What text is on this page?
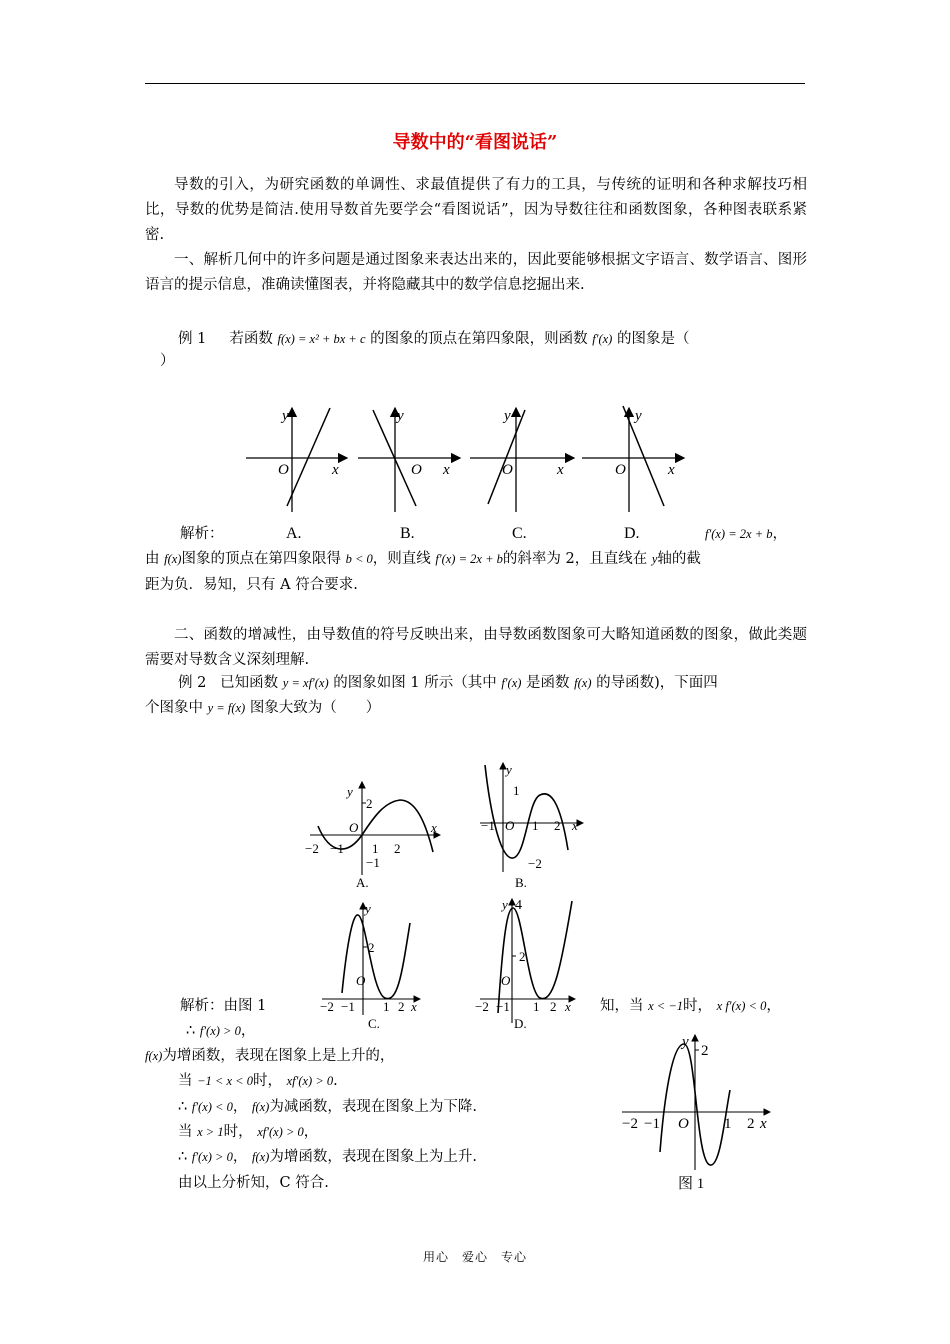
导数中的“看图说话”
导数的引入，为研究函数的单调性、求最值提供了有力的工具，与传统的证明和各种求解技巧相比，导数的优势是简洁.使用导数首先要学会“看图说话”，因为导数往往和函数图象，各种图表联系紧密.
一、解析几何中的许多问题是通过图象来表达出来的，因此要能够根据文字语言、数学语言、图形语言的提示信息，准确读懂图表，并将隐藏其中的数学信息挖掘出来.
例 1 若函数 f(x) = x² + bx + c 的图象的顶点在第四象限，则函数 f′(x) 的图象是（
）
y
O	x
A.
y
O x
B.
y
O	x
C.
y
O	x
D.
解析：	f′(x) = 2x + b，
由 f(x)图象的顶点在第四象限得 b < 0，则直线 f′(x) = 2x + b的斜率为 2，且直线在 y轴的截
距为负．易知，只有 A 符合要求.
二、函数的增减性，由导数值的符号反映出来，由导数函数图象可大略知道函数的图象，做此类题需要对导数含义深刻理解.
例 2 已知函数 y = xf′(x) 的图象如图 1 所示（其中 f′(x) 是函数 f(x) 的导函数)，下面四
个图象中 y = f(x) 图象大致为（　　）
y
2
O	x
−2 −1 1 2
−1
A.
y
1
−1 O 1 2 x
−2
B.
y
2
O
−2 −1 1 2 x
C.
y 4
2
O
−2 −1 1 2 x
D.
y
2
−2 −1 O 1 2 x
图 1
解析：由图 1	知，当 x < −1时， x f′(x) < 0，
∴ f′(x) > 0，
f(x)为增函数，表现在图象上是上升的，
当 −1 < x < 0时， xf′(x) > 0.
∴ f′(x) < 0， f(x)为减函数，表现在图象上为下降.
当 x > 1时， xf′(x) > 0，
∴ f′(x) > 0， f(x)为增函数，表现在图象上为上升.
由以上分析知，C 符合.
用心　爱心　专心
